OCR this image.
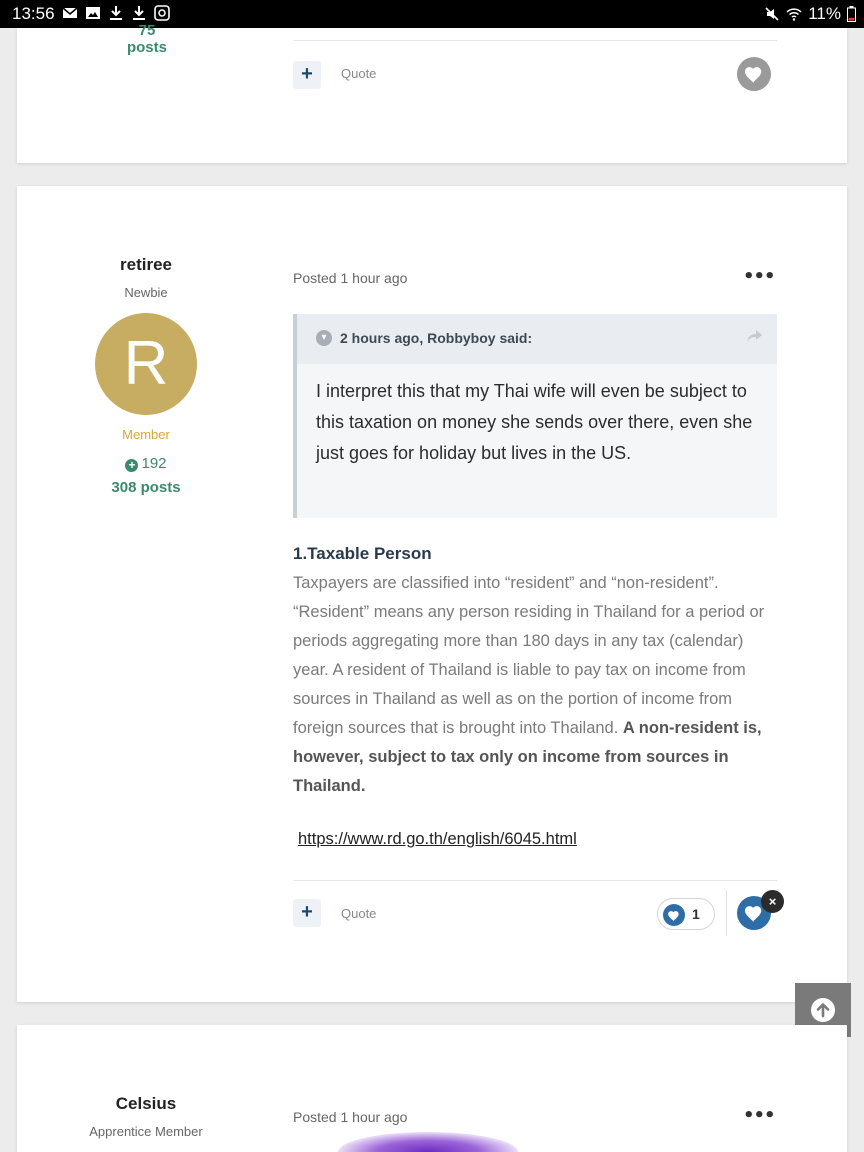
13:56	11%
75 posts
+	Quote
retiree
Newbie
R
Member
+ 192
308 posts
Posted 1 hour ago	•••
▾ 2 hours ago, Robbyboy said:
I interpret this that my Thai wife will even be subject to this taxation on money she sends over there, even she just goes for holiday but lives in the US.
1.Taxable Person
Taxpayers are classified into “resident” and “non-resident”. “Resident” means any person residing in Thailand for a period or periods aggregating more than 180 days in any tax (calendar) year. A resident of Thailand is liable to pay tax on income from sources in Thailand as well as on the portion of income from foreign sources that is brought into Thailand. A non-resident is, however, subject to tax only on income from sources in Thailand.
https://www.rd.go.th/english/6045.html
+	Quote	1
×
Celsius
Apprentice Member
Posted 1 hour ago	•••
